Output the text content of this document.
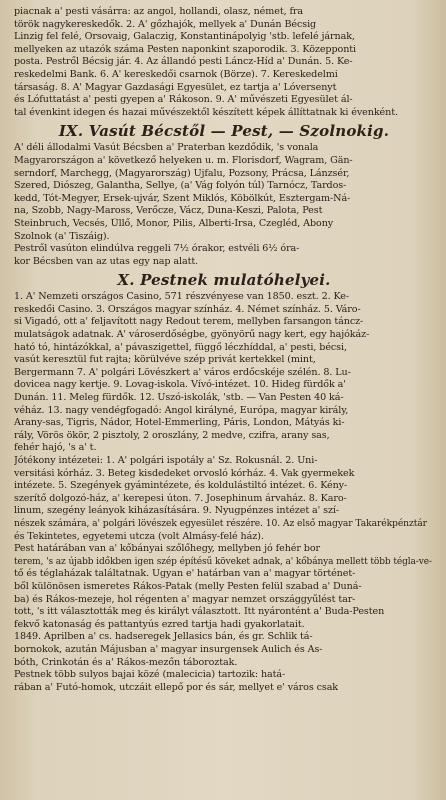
piacnak a' pesti vásárra: az angol, hollandi, olasz, német, fra
török nagykereskedők. 2. A' gőzhajók, mellyek a' Dunán Bécsig
Linzig fel felé, Orsovaig, Galaczig, Konstantinápolyig 'stb. lefelé járnak,
mellyeken az utazók száma Pesten naponkint szaporodik. 3. Közepponti
posta. Pestről Bécsig jár. 4. Az állandó pesti Láncz-Híd a' Dunán. 5. Ke-
reskedelmi Bank. 6. A' kereskedői csarnok (Börze). 7. Kereskedelmi
társaság. 8. A' Magyar Gazdasági Egyesület, ez tartja a' Lóversenyt
és Lófuttatást a' pesti gyepen a' Rákoson. 9. A' művészeti Egyesület ál-
tal évenkint idegen és hazai művészektől készített képek állíttatnak ki évenként.
IX. Vasút Bécstől — Pest, — Szolnokig.
A' déli állodalmi Vasút Bécsben a' Praterban kezdődik, 's vonala
Magyarországon a' következő helyeken u. m. Florisdorf, Wagram, Gän-
serndorf, Marchegg, (Magyarország) Ujfalu, Pozsony, Prácsa, Lánzsér,
Szered, Diószeg, Galantha, Sellye, (a' Vág folyón túl) Tarnócz, Tardos-
kedd, Tót-Megyer, Ersek-ujvár, Szent Miklós, Köbölkút, Esztergam-Ná-
na, Szobb, Nagy-Maross, Verőcze, Vácz, Duna-Keszi, Palota, Pest
Steinbruch, Vecsés, Üllő, Monor, Pilis, Alberti-Irsa, Czegléd, Abony
Szolnok (a' Tiszáig).
Pestről vasúton elindúlva reggeli 7½ órakor, estvéli 6½ óra-
kor Bécsben van az utas egy nap alatt.
X. Pestnek mulatóhelyei.
1. A' Nemzeti országos Casino, 571 részvényese van 1850. eszt. 2. Ke-
reskedői Casino. 3. Országos magyar színház. 4. Német színház. 5. Váro-
si Vigadó, ott a' feljavított nagy Redout terem, mellyben farsangon táncz-
mulatságok adatnak. A' városerdőségbe, gyönyörű nagy kert, egy hajókáz-
ható tó, hintázókkal, a' pávaszigettel, függő léczhíddal, a' pesti, bécsi,
vasút keresztül fut rajta; körülvéve szép privát kertekkel (mint,
Bergermann 7. A' polgári Lövészkert a' város erdőcskéje szélén. 8. Lu-
dovicea nagy kertje. 9. Lovag-iskola. Vívó-intézet. 10. Hideg fürdők a'
Dunán. 11. Meleg fürdők. 12. Uszó-iskolák, 'stb. — Van Pesten 40 ká-
véház. 13. nagy vendégfogadó: Angol királyné, Európa, magyar király,
Arany-sas, Tigris, Nádor, Hotel-Emmerling, Páris, London, Mátyás ki-
rály, Vörös ökör, 2 pisztoly, 2 oroszlány, 2 medve, czifra, arany sas,
fehér hajó, 's a' t.
Jótékony intézetei: 1. A' polgári ispotály a' Sz. Rokusnál. 2. Uni-
versitási kórház. 3. Beteg kisdedeket orvosló kórház. 4. Vak gyermekek
intézete. 5. Szegények gyámintézete, és koldulástiltó intézet. 6. Kény-
szerítő dolgozó-ház, a' kerepesi úton. 7. Josephinum árvaház. 8. Karo-
linum, szegény leányok kiházasítására. 9. Nyugpénzes intézet a' szí-
nészek számára, a' polgári lövészek egyesület részére. 10. Az első magyar Takarékpénztár
és Tekintetes, egyetemi utcza (volt Almásy-felé ház).
Pest határában van a' kőbányai szőlőhegy, mellyben jó fehér bor
terem, 's az újabb időkben igen szép építésű köveket adnak, a' kőbánya mellett több tégla-ve-
tő és téglaházak találtatnak. Ugyan e' határban van a' magyar történet-
ből különösen ismeretes Rákos-Patak (melly Pesten felül szabad a' Duná-
ba) és Rákos-mezeje, hol régenten a' magyar nemzet országgyűlést tar-
tott, 's itt választották meg és királyt választott. Itt nyárontént a' Buda-Pesten
fekvő katonaság és pattantyús ezred tartja hadi gyakorlatait.
1849. Aprilben a' cs. hadseregek Jellasics bán, és gr. Schlik tá-
bornokok, azután Májusban a' magyar insurgensek Aulich és As-
bóth, Crinkotán és a' Rákos-mezőn táboroztak.
Pestnek több sulyos bajai közé (malecicia) tartozik: hatá-
rában a' Futó-homok, utczáit ellepő por és sár, mellyet e' város csak
